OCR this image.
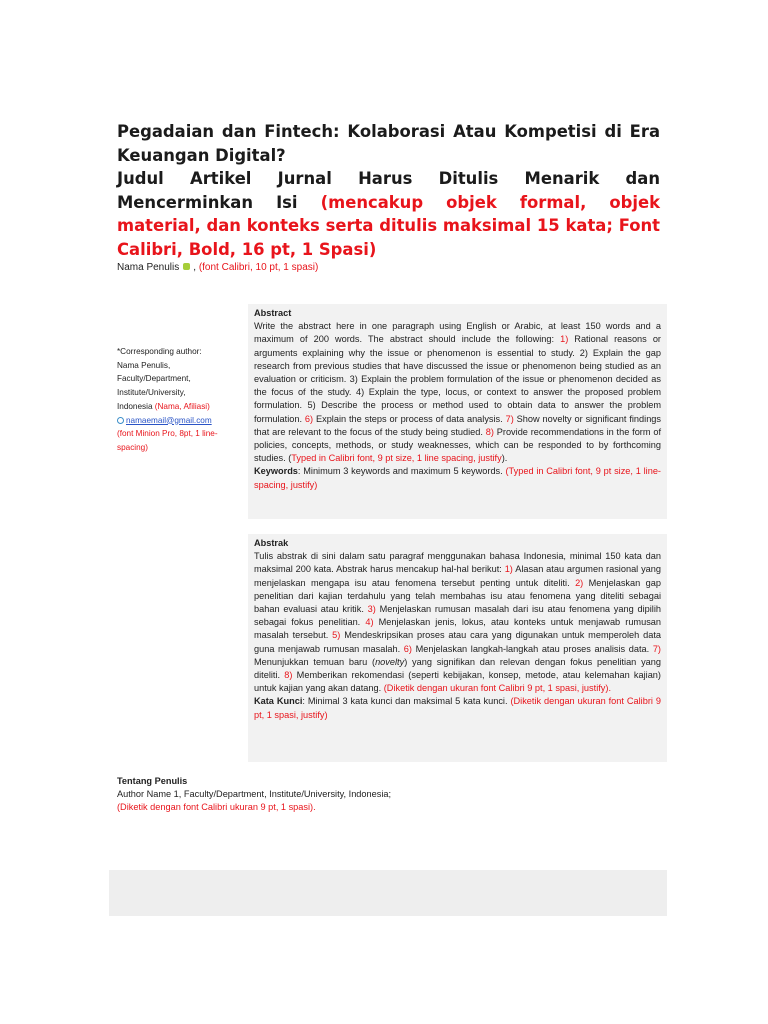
Pegadaian dan Fintech: Kolaborasi Atau Kompetisi di Era Keuangan Digital?
Judul Artikel Jurnal Harus Ditulis Menarik dan Mencerminkan Isi (mencakup objek formal, objek material, dan konteks serta ditulis maksimal 15 kata; Font Calibri, Bold, 16 pt, 1 Spasi)
Nama Penulis , (font Calibri, 10 pt, 1 spasi)
*Corresponding author:
Nama Penulis,
Faculty/Department,
Institute/University,
Indonesia (Nama, Afiliasi)
namaemail@gmail.com
(font Minion Pro, 8pt, 1 line-spacing)
Abstract

Write the abstract here in one paragraph using English or Arabic, at least 150 words and a maximum of 200 words. The abstract should include the following: 1) Rational reasons or arguments explaining why the issue or phenomenon is essential to study. 2) Explain the gap research from previous studies that have discussed the issue or phenomenon being studied as an evaluation or criticism. 3) Explain the problem formulation of the issue or phenomenon decided as the focus of the study. 4) Explain the type, locus, or context to answer the proposed problem formulation. 5) Describe the process or method used to obtain data to answer the problem formulation. 6) Explain the steps or process of data analysis. 7) Show novelty or significant findings that are relevant to the focus of the study being studied. 8) Provide recommendations in the form of policies, concepts, methods, or study weaknesses, which can be responded to by forthcoming studies. (Typed in Calibri font, 9 pt size, 1 line spacing, justify).

Keywords: Minimum 3 keywords and maximum 5 keywords. (Typed in Calibri font, 9 pt size, 1 line-spacing, justify)

Abstrak

Tulis abstrak di sini dalam satu paragraf menggunakan bahasa Indonesia, minimal 150 kata dan maksimal 200 kata. Abstrak harus mencakup hal-hal berikut: 1) Alasan atau argumen rasional yang menjelaskan mengapa isu atau fenomena tersebut penting untuk diteliti. 2) Menjelaskan gap penelitian dari kajian terdahulu yang telah membahas isu atau fenomena yang diteliti sebagai bahan evaluasi atau kritik. 3) Menjelaskan rumusan masalah dari isu atau fenomena yang dipilih sebagai fokus penelitian. 4) Menjelaskan jenis, lokus, atau konteks untuk menjawab rumusan masalah tersebut. 5) Mendeskripsikan proses atau cara yang digunakan untuk memperoleh data guna menjawab rumusan masalah. 6) Menjelaskan langkah-langkah atau proses analisis data. 7) Menunjukkan temuan baru (novelty) yang signifikan dan relevan dengan fokus penelitian yang diteliti. 8) Memberikan rekomendasi (seperti kebijakan, konsep, metode, atau kelemahan kajian) untuk kajian yang akan datang. (Diketik dengan ukuran font Calibri 9 pt, 1 spasi, justify).

Kata Kunci: Minimal 3 kata kunci dan maksimal 5 kata kunci. (Diketik dengan ukuran font Calibri 9 pt, 1 spasi, justify)

Tentang Penulis
Author Name 1, Faculty/Department, Institute/University, Indonesia;
(Diketik dengan font Calibri ukuran 9 pt, 1 spasi).
